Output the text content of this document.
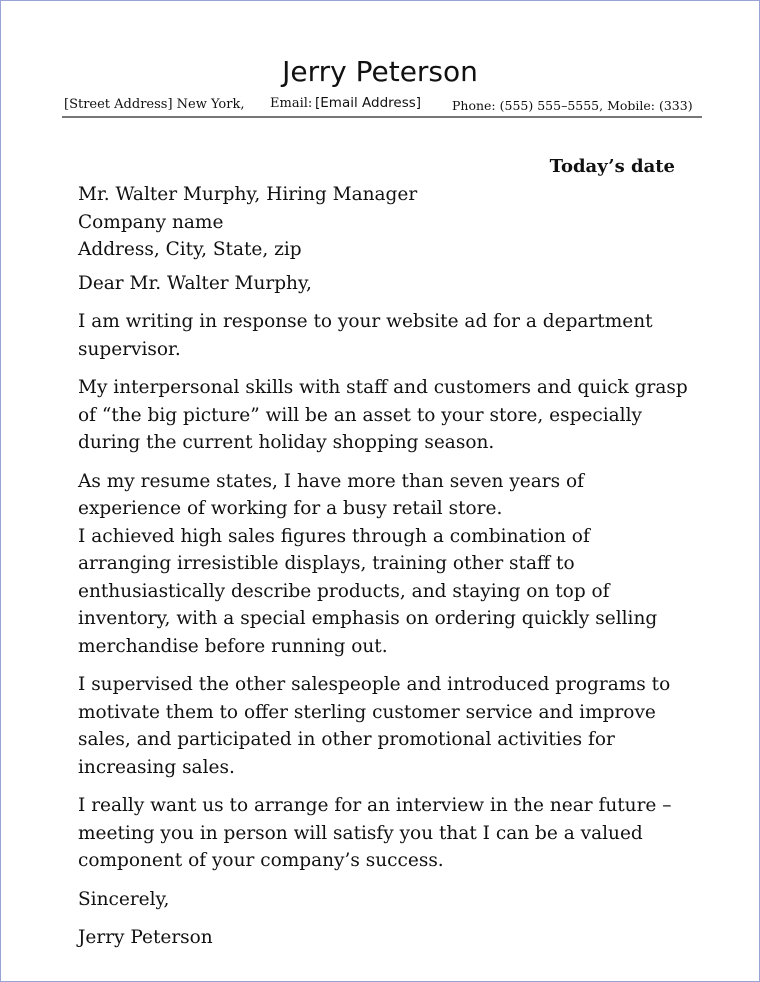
Jerry Peterson
[Street Address] New York, Email: [Email Address] Phone: (555) 555–5555, Mobile: (333)
Today’s date

Mr. Walter Murphy, Hiring Manager

Company name

Address, City, State, zip

Dear Mr. Walter Murphy,

I am writing in response to your website ad for a department supervisor.

My interpersonal skills with staff and customers and quick grasp of “the big picture” will be an asset to your store, especially during the current holiday shopping season.

As my resume states, I have more than seven years of experience of working for a busy retail store.

I achieved high sales figures through a combination of arranging irresistible displays, training other staff to enthusiastically describe products, and staying on top of inventory, with a special emphasis on ordering quickly selling merchandise before running out.

I supervised the other salespeople and introduced programs to motivate them to offer sterling customer service and improve sales, and participated in other promotional activities for increasing sales.

I really want us to arrange for an interview in the near future – meeting you in person will satisfy you that I can be a valued component of your company’s success.

Sincerely,

Jerry Peterson
